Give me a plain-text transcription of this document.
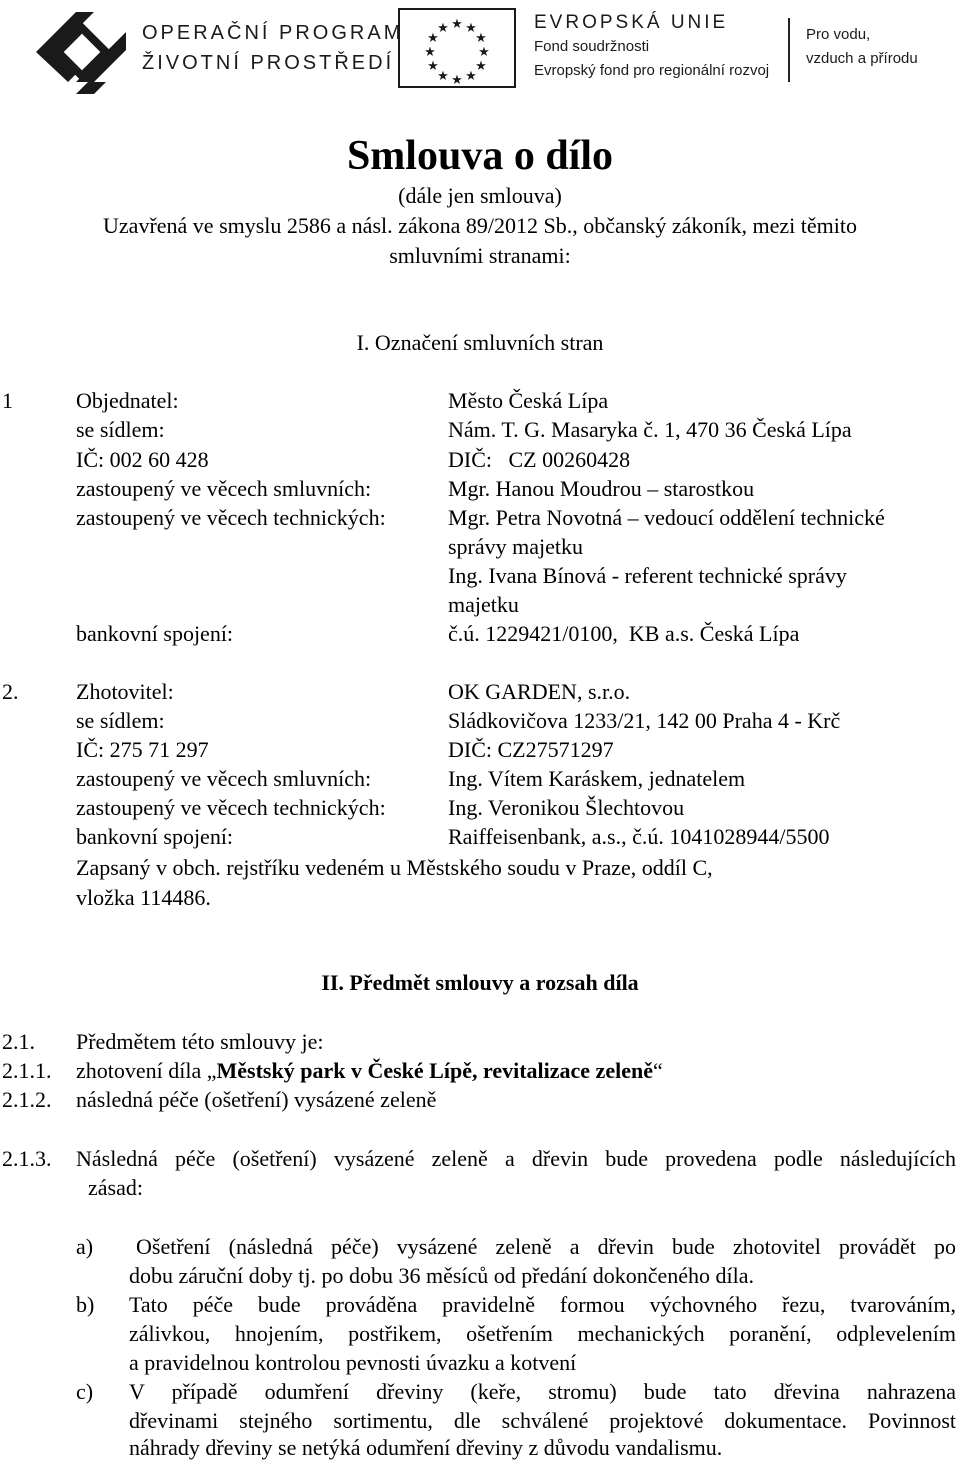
OPERAČNÍ PROGRAM
ŽIVOTNÍ PROSTŘEDÍ
★ ★
★
★
★
★
★
★
★
★
★
★	EVROPSKÁ UNIE
Fond soudržnosti
Evropský fond pro regionální rozvoj
Pro vodu,
vzduch a přírodu
Smlouva o dílo
(dále jen smlouva)
Uzavřená ve smyslu 2586 a násl. zákona 89/2012 Sb., občanský zákoník, mezi těmito
smluvními stranami:
I. Označení smluvních stran
1	Objednatel:	Město Česká Lípa
se sídlem:	Nám. T. G. Masaryka č. 1, 470 36 Česká Lípa
IČ: 002 60 428	DIČ:   CZ 00260428
zastoupený ve věcech smluvních:	Mgr. Hanou Moudrou – starostkou
zastoupený ve věcech technických:	Mgr. Petra Novotná – vedoucí oddělení technické
správy majetku
Ing. Ivana Bínová - referent technické správy
majetku
bankovní spojení:	č.ú. 1229421/0100,  KB a.s. Česká Lípa
2.	Zhotovitel:	OK GARDEN, s.r.o.
se sídlem:	Sládkovičova 1233/21, 142 00 Praha 4 - Krč
IČ: 275 71 297	DIČ: CZ27571297
zastoupený ve věcech smluvních:	Ing. Vítem Karáskem, jednatelem
zastoupený ve věcech technických:	Ing. Veronikou Šlechtovou
bankovní spojení:	Raiffeisenbank, a.s., č.ú. 1041028944/5500
Zapsaný v obch. rejstříku vedeném u Městského soudu v Praze, oddíl C,
vložka 114486.
II. Předmět smlouvy a rozsah díla
2.1. Předmětem této smlouvy je:
2.1.1. zhotovení díla „Městský park v České Lípě, revitalizace zeleně“
2.1.2. následná péče (ošetření) vysázené zeleně
2.1.3. Následná péče (ošetření) vysázené zeleně a dřevin bude provedena podle následujících
zásad:
a) Ošetření (následná péče) vysázené zeleně a dřevin bude zhotovitel provádět po
dobu záruční doby tj. po dobu 36 měsíců od předání dokončeného díla.
b) Tato péče bude prováděna pravidelně formou výchovného řezu, tvarováním,
zálivkou, hnojením, postřikem, ošetřením mechanických poranění, odplevelením
a pravidelnou kontrolou pevnosti úvazku a kotvení
c) V případě odumření dřeviny (keře, stromu) bude tato dřevina nahrazena
dřevinami stejného sortimentu, dle schválené projektové dokumentace. Povinnost
náhrady dřeviny se netýká odumření dřeviny z důvodu vandalismu.
